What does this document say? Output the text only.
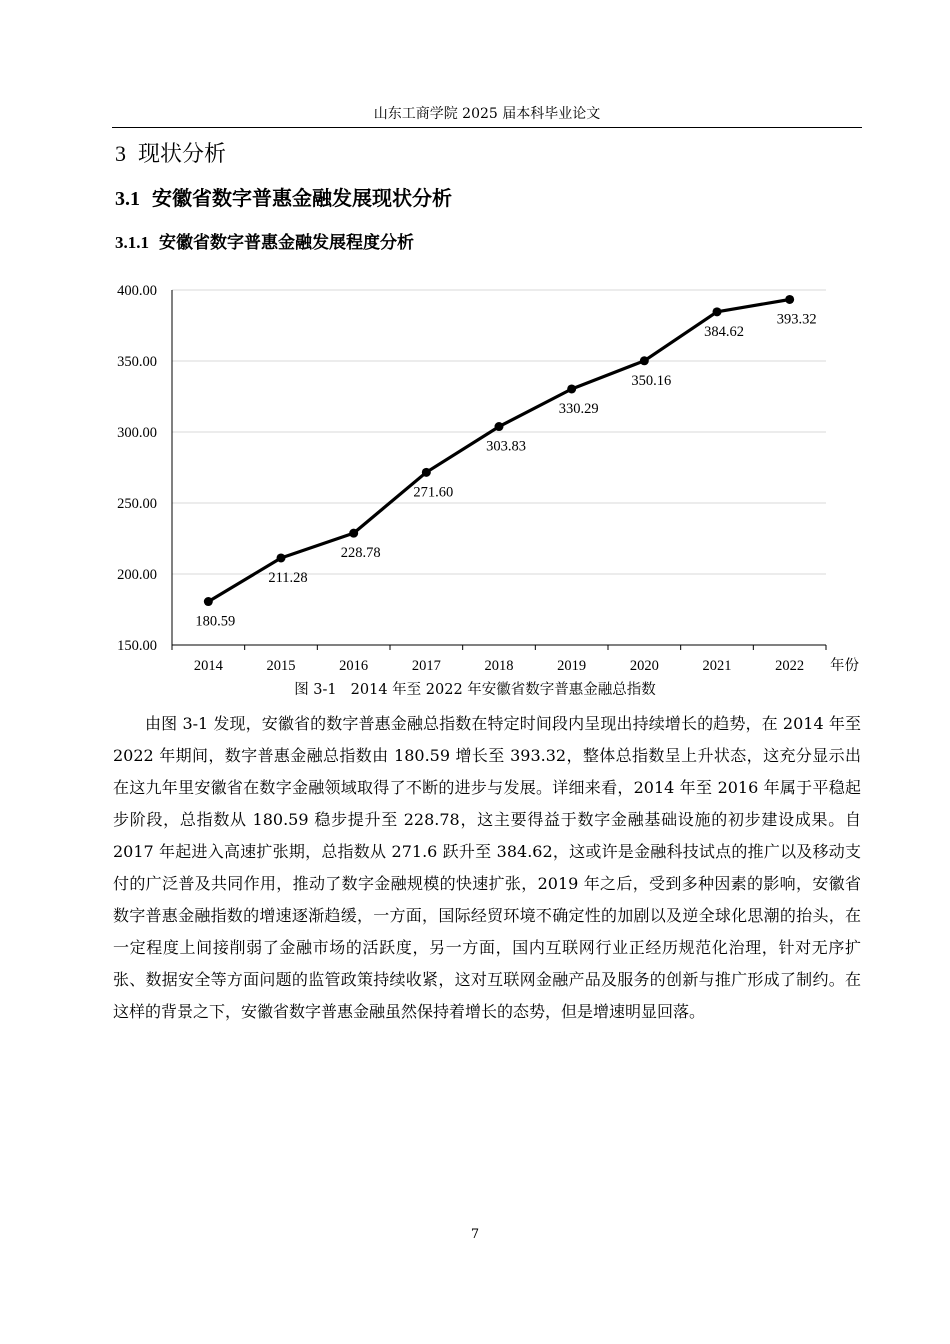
山东工商学院 2025 届本科毕业论文
3 现状分析
3.1 安徽省数字普惠金融发展现状分析
3.1.1 安徽省数字普惠金融发展程度分析
150.00
200.00
250.00
300.00
350.00
400.00
2014	2015	2016	2017	2018	2019	2020	2021	2022 年份
180.59
211.28
228.78
271.60
303.83
330.29
350.16
384.62
393.32
图 3-1 2014 年至 2022 年安徽省数字普惠金融总指数

由图 3-1 发现，安徽省的数字普惠金融总指数在特定时间段内呈现出持续增长的趋势，在 2014 年至 2022 年期间，数字普惠金融总指数由 180.59 增长至 393.32，整体总指数呈上升状态，这充分显示出在这九年里安徽省在数字金融领域取得了不断的进步与发展。详细来看，2014 年至 2016 年属于平稳起步阶段，总指数从 180.59 稳步提升至 228.78，这主要得益于数字金融基础设施的初步建设成果。自 2017 年起进入高速扩张期，总指数从 271.6 跃升至 384.62，这或许是金融科技试点的推广以及移动支付的广泛普及共同作用，推动了数字金融规模的快速扩张，2019 年之后，受到多种因素的影响，安徽省数字普惠金融指数的增速逐渐趋缓，一方面，国际经贸环境不确定性的加剧以及逆全球化思潮的抬头，在一定程度上间接削弱了金融市场的活跃度，另一方面，国内互联网行业正经历规范化治理，针对无序扩张、数据安全等方面问题的监管政策持续收紧，这对互联网金融产品及服务的创新与推广形成了制约。在这样的背景之下，安徽省数字普惠金融虽然保持着增长的态势，但是增速明显回落。

7
